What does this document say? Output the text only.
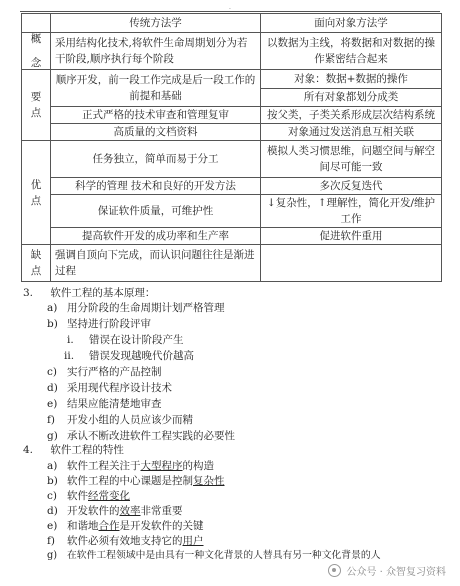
.
	传统方法学	面向对象方法学
概

念	采用结构化技术,将软件生命周期划分为若干阶段,顺序执行每个阶段	以数据为主线，将数据和对数据的操作紧密结合起来
要
点	顺序开发，前一段工作完成是后一段工作的前提和基础	对象：数据+数据的操作
		所有对象都划分成类
	正式严格的技术审查和管理复审	按父类，子类关系形成层次结构系统
	高质量的文档资料	对象通过发送消息互相关联
优
点	任务独立，简单而易于分工	模拟人类习惯思维，问题空间与解空间尽可能一致
	科学的管理 技术和良好的开发方法	多次反复迭代
	保证软件质量，可维护性	↓复杂性，↑理解性，简化开发/维护工作
	提高软件开发的成功率和生产率	促进软件重用
缺点	强调自顶向下完成，而认识问题往往是渐进过程	
3. 软件工程的基本原理：
a) 用分阶段的生命周期计划严格管理
b) 坚持进行阶段评审
i. 错误在设计阶段产生
ii. 错误发现越晚代价越高
c) 实行严格的产品控制
d) 采用现代程序设计技术
e) 结果应能清楚地审查
f) 开发小组的人员应该少而精
g) 承认不断改进软件工程实践的必要性
4. 软件工程的特性
a) 软件工程关注于大型程序的构造
b) 软件工程的中心课题是控制复杂性
c) 软件经常变化
d) 开发软件的效率非常重要
e) 和谐地合作是开发软件的关键
f) 软件必须有效地支持它的用户
g) 在软件工程领域中是由具有一种文化背景的人替具有另一种文化背景的人
公众号 · 众智复习资料
